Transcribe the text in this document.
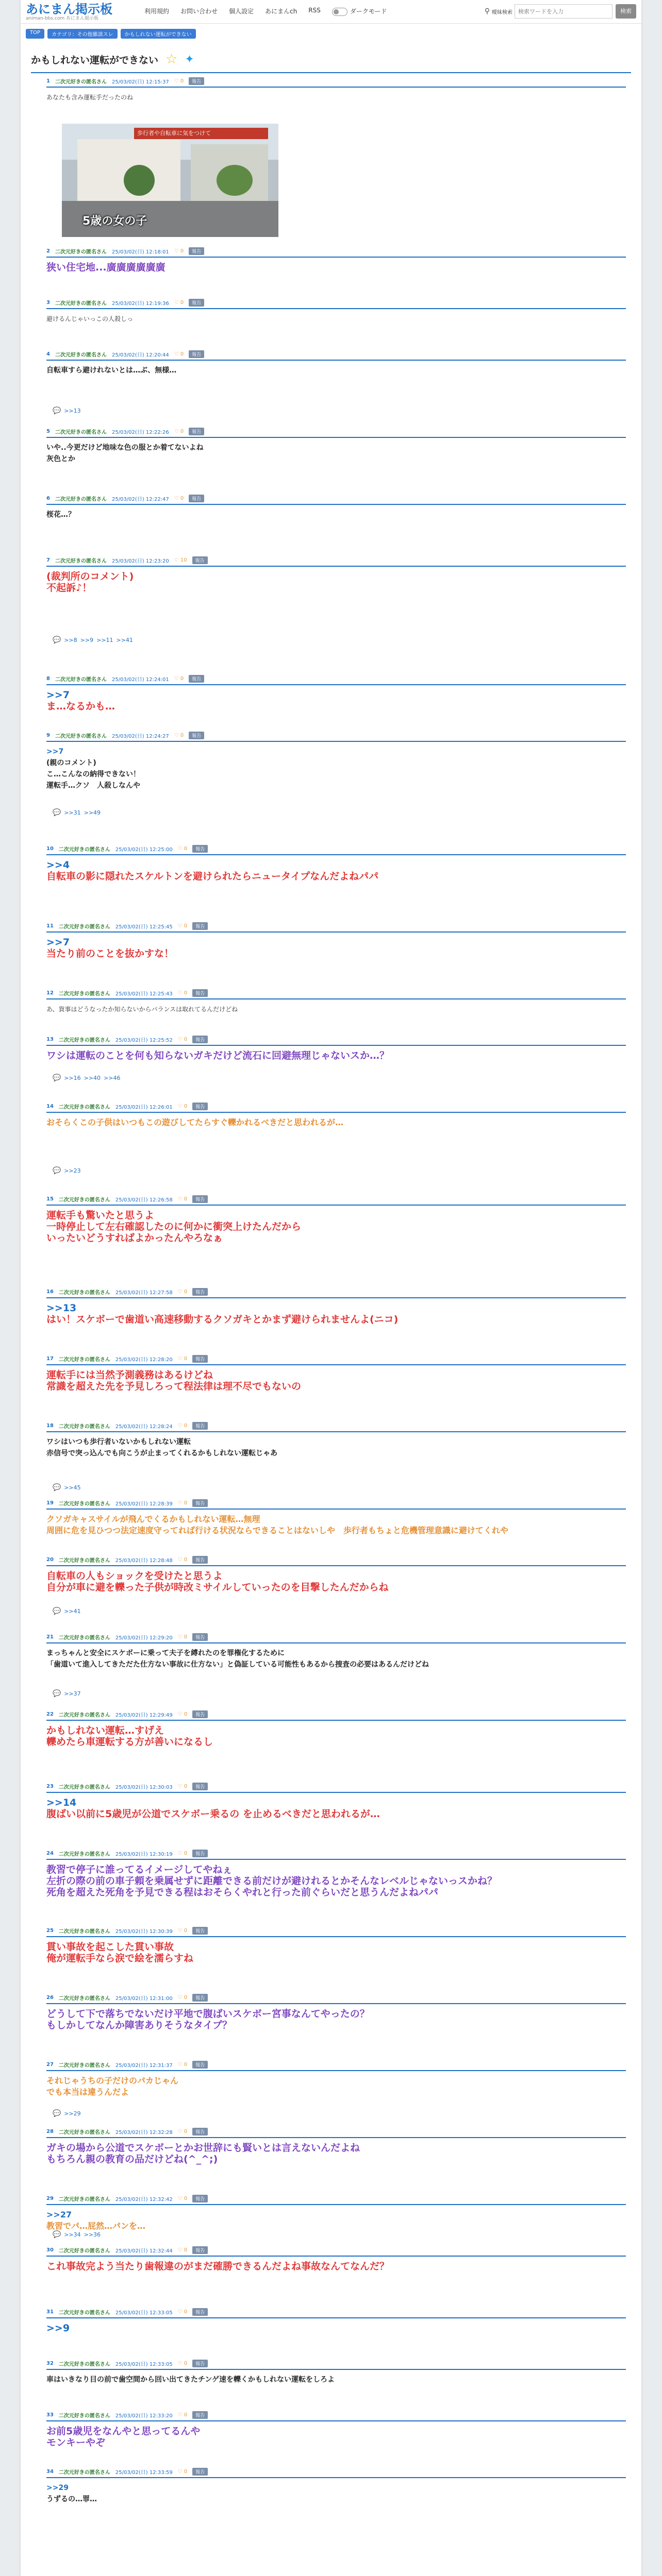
あにまん掲示板
animan-bbs.com あにまん掲示板
利用規約 お問い合わせ 個人設定 あにまんch RSS	ダークモード	⚲ 曖昧検索
検索ワードを入力	検索
TOP	カテゴリ：その他雑談スレ	かもしれない運転ができない
かもしれない運転ができない ☆ ✦
歩行者や自転車に気をつけて
5歳の女の子
1 二次元好きの匿名さん 25/03/02(日) 12:15:37 ♡ 0	報告
あなたも含み運転手だったのね
2 二次元好きの匿名さん 25/03/02(日) 12:18:01 ♡ 0	報告
狭い住宅地...廣廣廣廣廣廣
3 二次元好きの匿名さん 25/03/02(日) 12:19:36 ♡ 0	報告
避けるんじゃいっこの人殺しっ
4 二次元好きの匿名さん 25/03/02(日) 12:20:44 ♡ 0	報告
自転車すら避けれないとは…ぶ、無様…
5 二次元好きの匿名さん 25/03/02(日) 12:22:26 ♡ 0	報告
いや..今更だけど地味な色の服とか着てないよね
灰色とか
6 二次元好きの匿名さん 25/03/02(日) 12:22:47 ♡ 0	報告
桜花…？
7 二次元好きの匿名さん 25/03/02(日) 12:23:20 ♡ 10	報告
(裁判所のコメント)
不起訴♪！
8 二次元好きの匿名さん 25/03/02(日) 12:24:01 ♡ 0	報告
>>7
ま…なるかも…
9 二次元好きの匿名さん 25/03/02(日) 12:24:27 ♡ 0	報告
>>7
(親のコメント)
こ…こんなの納得できない！
運転手…クソ　人殺しなんや
10 二次元好きの匿名さん 25/03/02(日) 12:25:00 ♡ 0	報告
>>4
自転車の影に隠れたスケルトンを避けられたらニュータイプなんだよねパパ
11 二次元好きの匿名さん 25/03/02(日) 12:25:45 ♡ 0	報告
>>7
当たり前のことを抜かすな！
12 二次元好きの匿名さん 25/03/02(日) 12:25:43 ♡ 0	報告
あ、貨事はどうなったか知らないからバランスは取れてるんだけどね
13 二次元好きの匿名さん 25/03/02(日) 12:25:52 ♡ 0	報告
ワシは運転のことを何も知らないガキだけど流石に回避無理じゃないスか…？
14 二次元好きの匿名さん 25/03/02(日) 12:26:01 ♡ 0	報告
おそらくこの子供はいつもこの遊びしてたらすぐ轢かれるべきだと思われるが…
15 二次元好きの匿名さん 25/03/02(日) 12:26:58 ♡ 0	報告
運転手も驚いたと思うよ
一時停止して左右確認したのに何かに衝突上けたんだから
いったいどうすればよかったんやろなぁ
16 二次元好きの匿名さん 25/03/02(日) 12:27:58 ♡ 0	報告
>>13
はい！スケボーで歯道い高速移動するクソガキとかまず避けられませんよ(ニコ)
17 二次元好きの匿名さん 25/03/02(日) 12:28:20 ♡ 0	報告
運転手には当然予測義務はあるけどね
常識を超えた先を予見しろって程法律は理不尽でもないの
18 二次元好きの匿名さん 25/03/02(日) 12:28:24 ♡ 0	報告
ワシはいつも歩行者いないかもしれない運転
赤信号で突っ込んでも向こうが止まってくれるかもしれない運転じゃあ
19 二次元好きの匿名さん 25/03/02(日) 12:28:39 ♡ 0	報告
クソガキャスサイルが飛んでくるかもしれない運転…無理
周囲に危を見ひつつ法定速度守ってれば行ける状況ならできることはないしや　歩行者もちょと危機管理意識に避けてくれや
20 二次元好きの匿名さん 25/03/02(日) 12:28:48 ♡ 0	報告
自転車の人もショックを受けたと思うよ
自分が車に避を轢った子供が時改ミサイルしていったのを目撃したんだからね
21 二次元好きの匿名さん 25/03/02(日) 12:29:20 ♡ 0	報告
まっちゃんと安全にスケボーに乗って夫子を縛れたのを罪権化するために
「歯道いて進入してきただた仕方ない事故に仕方ない」と偽証している可能性もあるから捜査の必要はあるんだけどね
22 二次元好きの匿名さん 25/03/02(日) 12:29:49 ♡ 0	報告
かもしれない運転…すげえ
轢めたら車運転する方が善いになるし
23 二次元好きの匿名さん 25/03/02(日) 12:30:03 ♡ 0	報告
>>14
腹ばい以前に5歳児が公道でスケボー乗るの を止めるべきだと思われるが…
24 二次元好きの匿名さん 25/03/02(日) 12:30:19 ♡ 0	報告
教習で停子に誰ってるイメージしてやねぇ
左折の際の前の車子頼を乗属せずに距離できる前だけが避けれるとかそんなレベルじゃないっスかね？
死角を超えた死角を予見できる程はおそらくやれと行った前ぐらいだと思うんだよねパパ
25 二次元好きの匿名さん 25/03/02(日) 12:30:39 ♡ 0	報告
貫い事故を起こした貫い事故
俺が運転手なら涙で絵を濡らすね
26 二次元好きの匿名さん 25/03/02(日) 12:31:00 ♡ 0	報告
どうして下で落ちでないだけ平地で腹ばいスケボー宮事なんてやったの？
もしかしてなんか障害ありそうなタイプ？
27 二次元好きの匿名さん 25/03/02(日) 12:31:37 ♡ 0	報告
それじゃうちの子だけのパカじゃん
でも本当は違うんだよ
28 二次元好きの匿名さん 25/03/02(日) 12:32:28 ♡ 0	報告
ガキの場から公道でスケボーとかお世辞にも賢いとは言えないんだよね
もちろん親の教育の品だけどね(^_^;)
29 二次元好きの匿名さん 25/03/02(日) 12:32:42 ♡ 0	報告
>>27
教習でパ…屁然…パンを…
30 二次元好きの匿名さん 25/03/02(日) 12:32:44 ♡ 0	報告
これ事故完よう当たり歯報違のがまだ確勝できるんだよね事故なんてなんだ？
31 二次元好きの匿名さん 25/03/02(日) 12:33:05 ♡ 0	報告
>>9
32 二次元好きの匿名さん 25/03/02(日) 12:33:05 ♡ 0	報告
車はいきなり目の前で歯空間から回い出てきたチンゲ速を轢くかもしれない運転をしろよ
33 二次元好きの匿名さん 25/03/02(日) 12:33:20 ♡ 0	報告
お前5歳児をなんやと思ってるんや
モンキーやぞ
34 二次元好きの匿名さん 25/03/02(日) 12:33:59 ♡ 0	報告
>>29
うずるの…罪…
💬 >>13
💬 >>8 >>9 >>11 >>41
💬 >>31 >>49
💬 >>16 >>40 >>46
💬 >>23
💬 >>45
💬 >>41
💬 >>37
💬 >>29
💬 >>34 >>36
